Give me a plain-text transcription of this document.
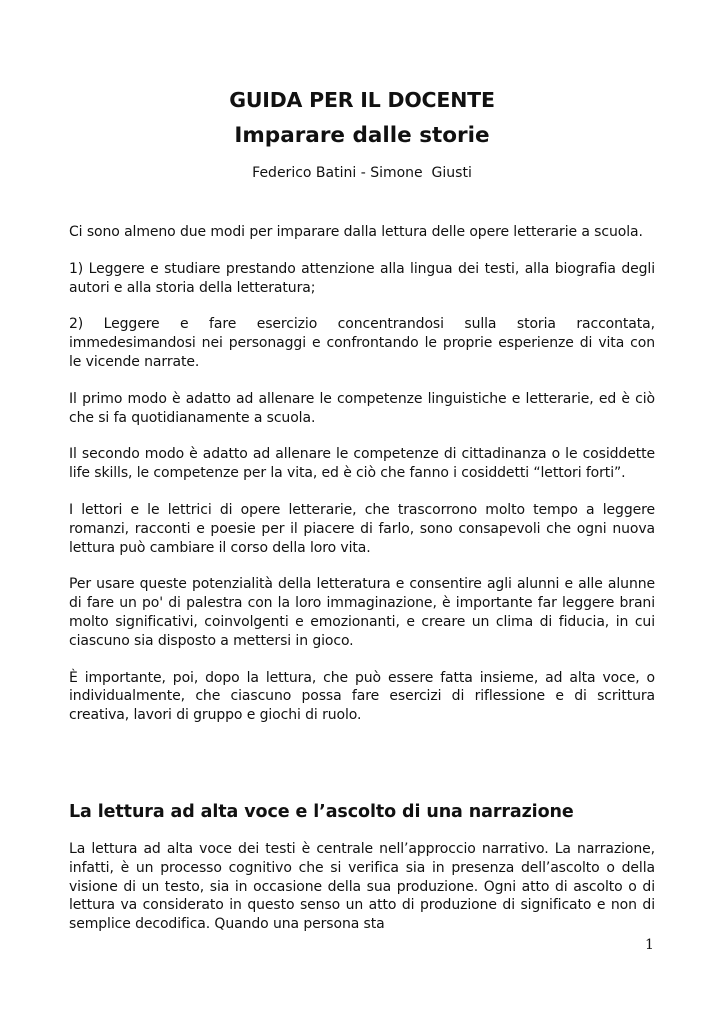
GUIDA PER IL DOCENTE
Imparare dalle storie
Federico Batini - Simone  Giusti

Ci sono almeno due modi per imparare dalla lettura delle opere letterarie a scuola.

1) Leggere e studiare prestando attenzione alla lingua dei testi, alla biografia degli autori e alla storia della letteratura;

2) Leggere e fare esercizio concentrandosi sulla storia raccontata, immedesimandosi nei personaggi e confrontando le proprie esperienze di vita con le vicende narrate.

Il primo modo è adatto ad allenare le competenze linguistiche e letterarie, ed è ciò che si fa quotidianamente a scuola.

Il secondo modo è adatto ad allenare le competenze di cittadinanza o le cosiddette life skills, le competenze per la vita, ed è ciò che fanno i cosiddetti “lettori forti”.

I lettori e le lettrici di opere letterarie, che trascorrono molto tempo a leggere romanzi, racconti e poesie per il piacere di farlo, sono consapevoli che ogni nuova lettura può cambiare il corso della loro vita.

Per usare queste potenzialità della letteratura e consentire agli alunni e alle alunne di fare un po' di palestra con la loro immaginazione, è importante far leggere brani molto significativi, coinvolgenti e emozionanti, e creare un clima di fiducia, in cui ciascuno sia disposto a mettersi in gioco.

È importante, poi, dopo la lettura, che può essere fatta insieme, ad alta voce, o individualmente, che ciascuno possa fare esercizi di riflessione e di scrittura creativa, lavori di gruppo e giochi di ruolo.

La lettura ad alta voce e l’ascolto di una narrazione

La lettura ad alta voce dei testi è centrale nell’approccio narrativo. La narrazione, infatti, è un processo cognitivo che si verifica sia in presenza dell’ascolto o della visione di un testo, sia in occasione della sua produzione. Ogni atto di ascolto o di lettura va considerato in questo senso un atto di produzione di significato e non di semplice decodifica. Quando una persona sta

1
